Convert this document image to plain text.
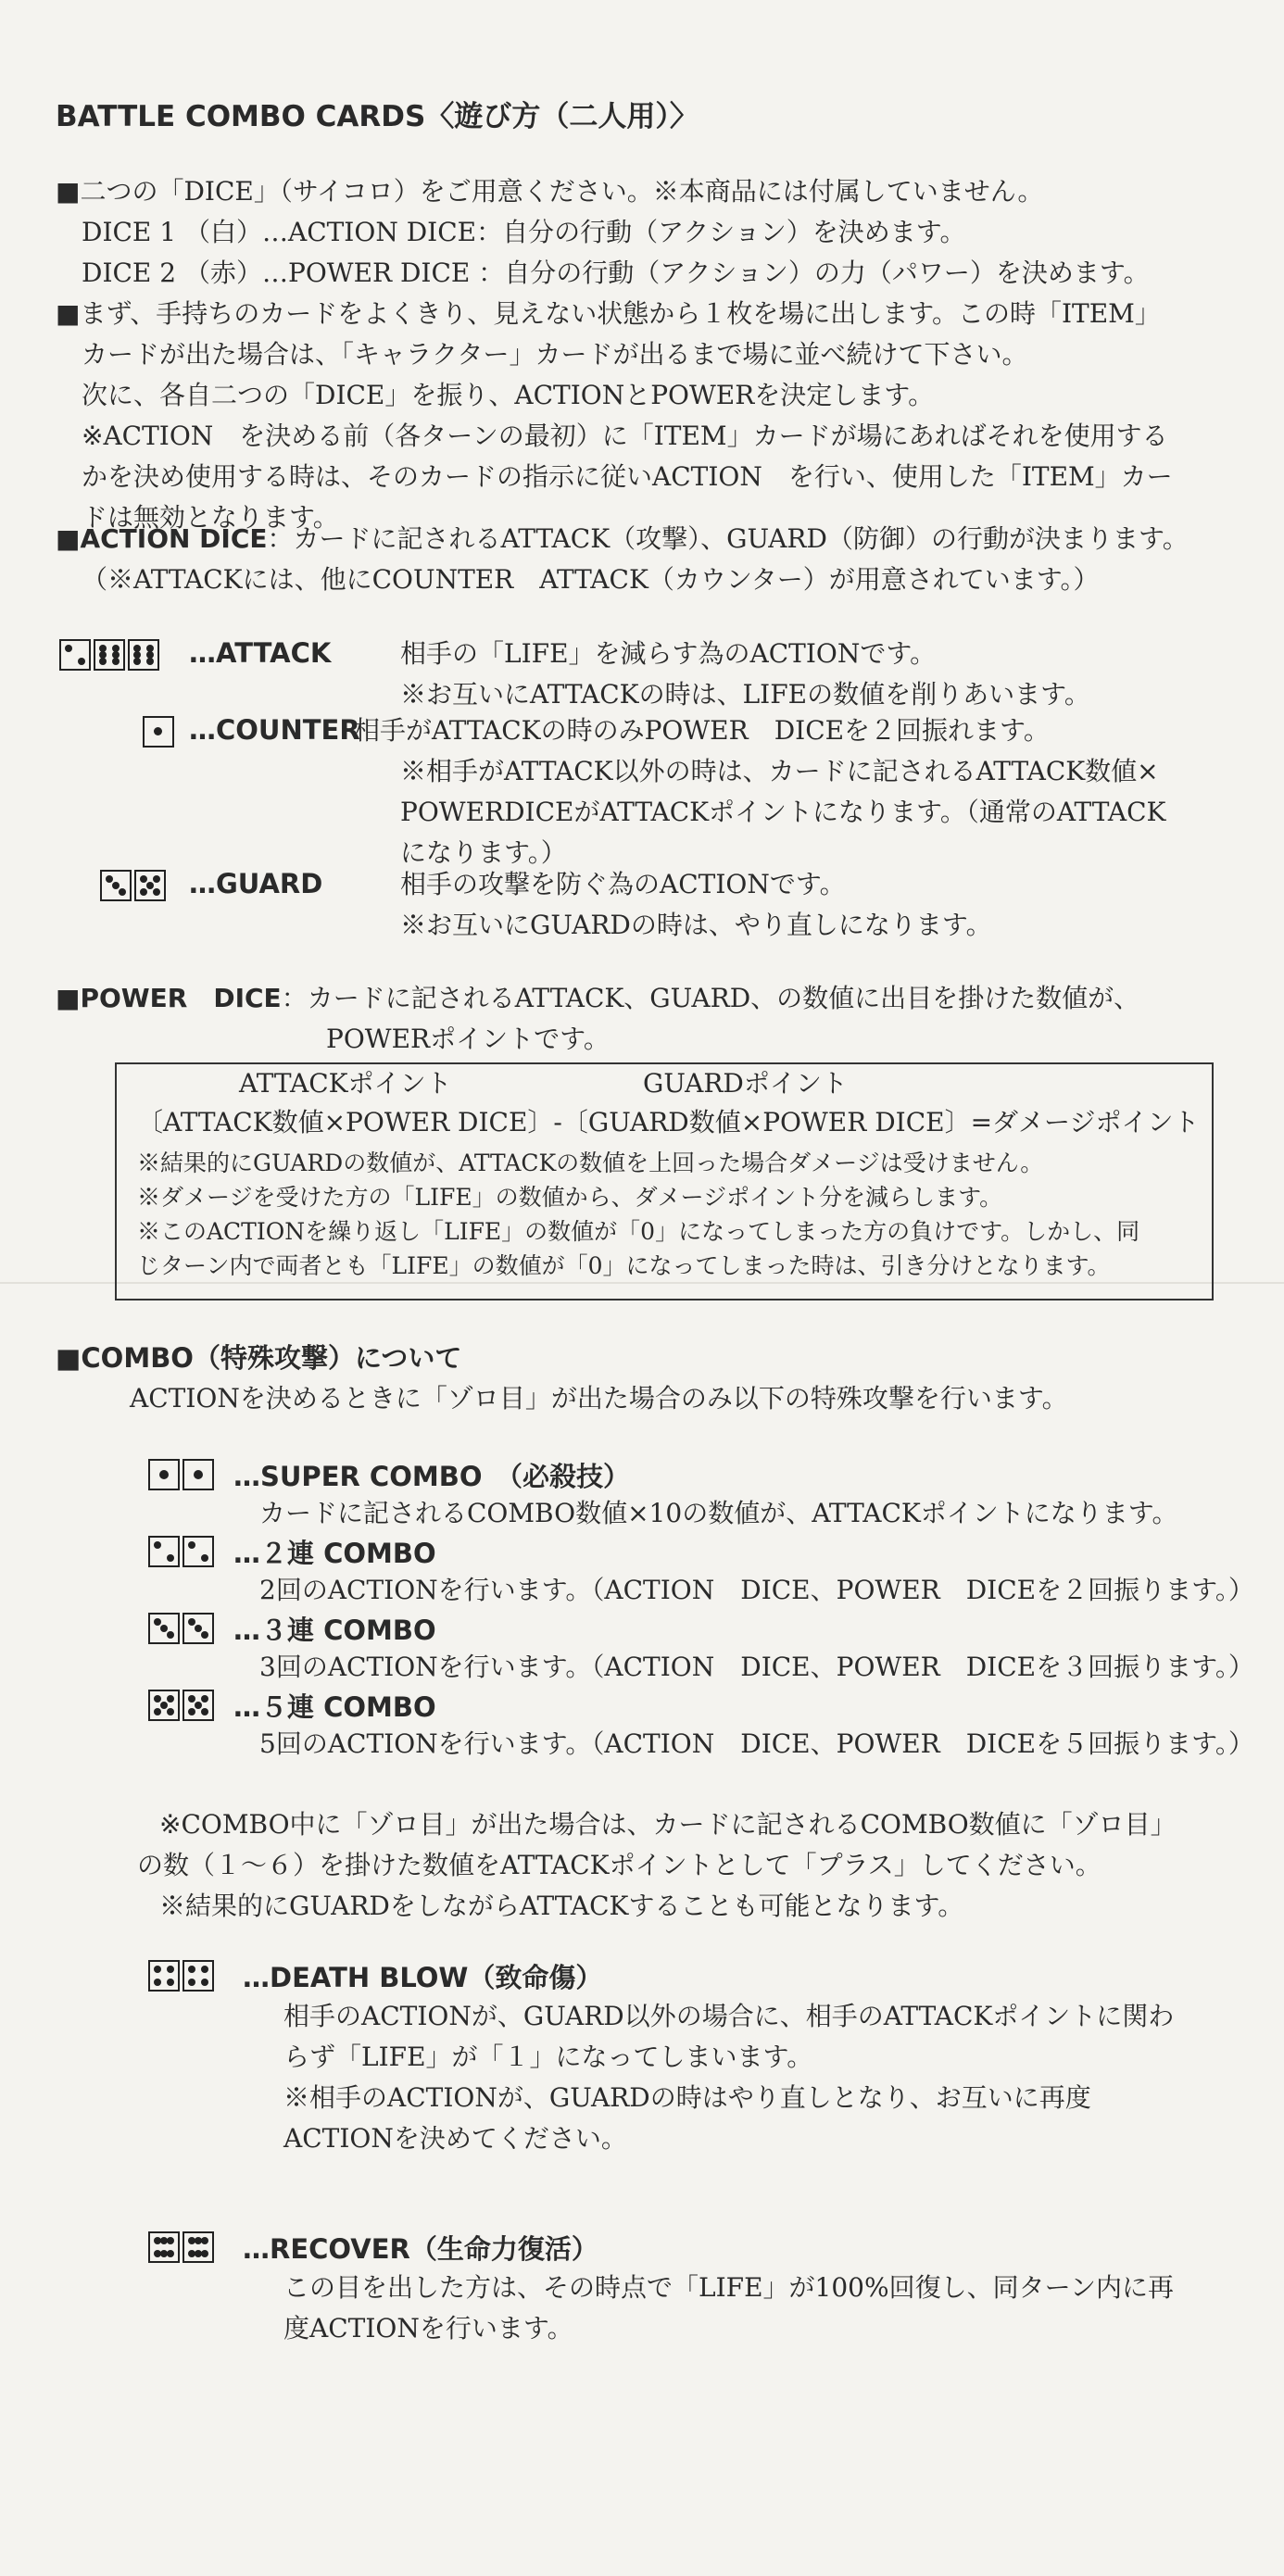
BATTLE COMBO CARDS〈遊び方（二人用）〉
■二つの「DICE」（サイコロ）をご用意ください。※本商品には付属していません。
DICE 1 （白）…ACTION DICE：自分の行動（アクション）を決めます。
DICE 2 （赤）…POWER DICE ：自分の行動（アクション）の力（パワー）を決めます。
■まず、手持ちのカードをよくきり、見えない状態から１枚を場に出します。この時「ITEM」
カードが出た場合は、「キャラクター」カードが出るまで場に並べ続けて下さい。
次に、各自二つの「DICE」を振り、ACTIONとPOWERを決定します。
※ACTION　を決める前（各ターンの最初）に「ITEM」カードが場にあればそれを使用する
かを決め使用する時は、そのカードの指示に従いACTION　を行い、使用した「ITEM」カー
ドは無効となります。
■ACTION DICE：カードに記されるATTACK（攻撃）、GUARD（防御）の行動が決まります。
（※ATTACKには、他にCOUNTER　ATTACK（カウンター）が用意されています。）
…ATTACK	相手の「LIFE」を減らす為のACTIONです。
※お互いにATTACKの時は、LIFEの数値を削りあいます。
…COUNTER
相手がATTACKの時のみPOWER　DICEを２回振れます。
※相手がATTACK以外の時は、カードに記されるATTACK数値×
POWERDICEがATTACKポイントになります。（通常のATTACK
になります。）
…GUARD	相手の攻撃を防ぐ為のACTIONです。
※お互いにGUARDの時は、やり直しになります。
■POWER　DICE：カードに記されるATTACK、GUARD、の数値に出目を掛けた数値が、
POWERポイントです。
ATTACKポイント	GUARDポイント
〔ATTACK数値×POWER DICE〕-〔GUARD数値×POWER DICE〕=ダメージポイント
※結果的にGUARDの数値が、ATTACKの数値を上回った場合ダメージは受けません。
※ダメージを受けた方の「LIFE」の数値から、ダメージポイント分を減らします。
※このACTIONを繰り返し「LIFE」の数値が「0」になってしまった方の負けです。しかし、同
じターン内で両者とも「LIFE」の数値が「0」になってしまった時は、引き分けとなります。
■COMBO（特殊攻撃）について
ACTIONを決めるときに「ゾロ目」が出た場合のみ以下の特殊攻撃を行います。
…SUPER COMBO　（必殺技）
カードに記されるCOMBO数値×10の数値が、ATTACKポイントになります。
…２連 COMBO
2回のACTIONを行います。（ACTION　DICE、POWER　DICEを２回振ります。）
…３連 COMBO
3回のACTIONを行います。（ACTION　DICE、POWER　DICEを３回振ります。）
…５連 COMBO
5回のACTIONを行います。（ACTION　DICE、POWER　DICEを５回振ります。）
※COMBO中に「ゾロ目」が出た場合は、カードに記されるCOMBO数値に「ゾロ目」
の数（１～６）を掛けた数値をATTACKポイントとして「プラス」してください。
※結果的にGUARDをしながらATTACKすることも可能となります。
…DEATH BLOW（致命傷）
相手のACTIONが、GUARD以外の場合に、相手のATTACKポイントに関わ
らず「LIFE」が「１」になってしまいます。
※相手のACTIONが、GUARDの時はやり直しとなり、お互いに再度
ACTIONを決めてください。
…RECOVER（生命力復活）
この目を出した方は、その時点で「LIFE」が100%回復し、同ターン内に再
度ACTIONを行います。
